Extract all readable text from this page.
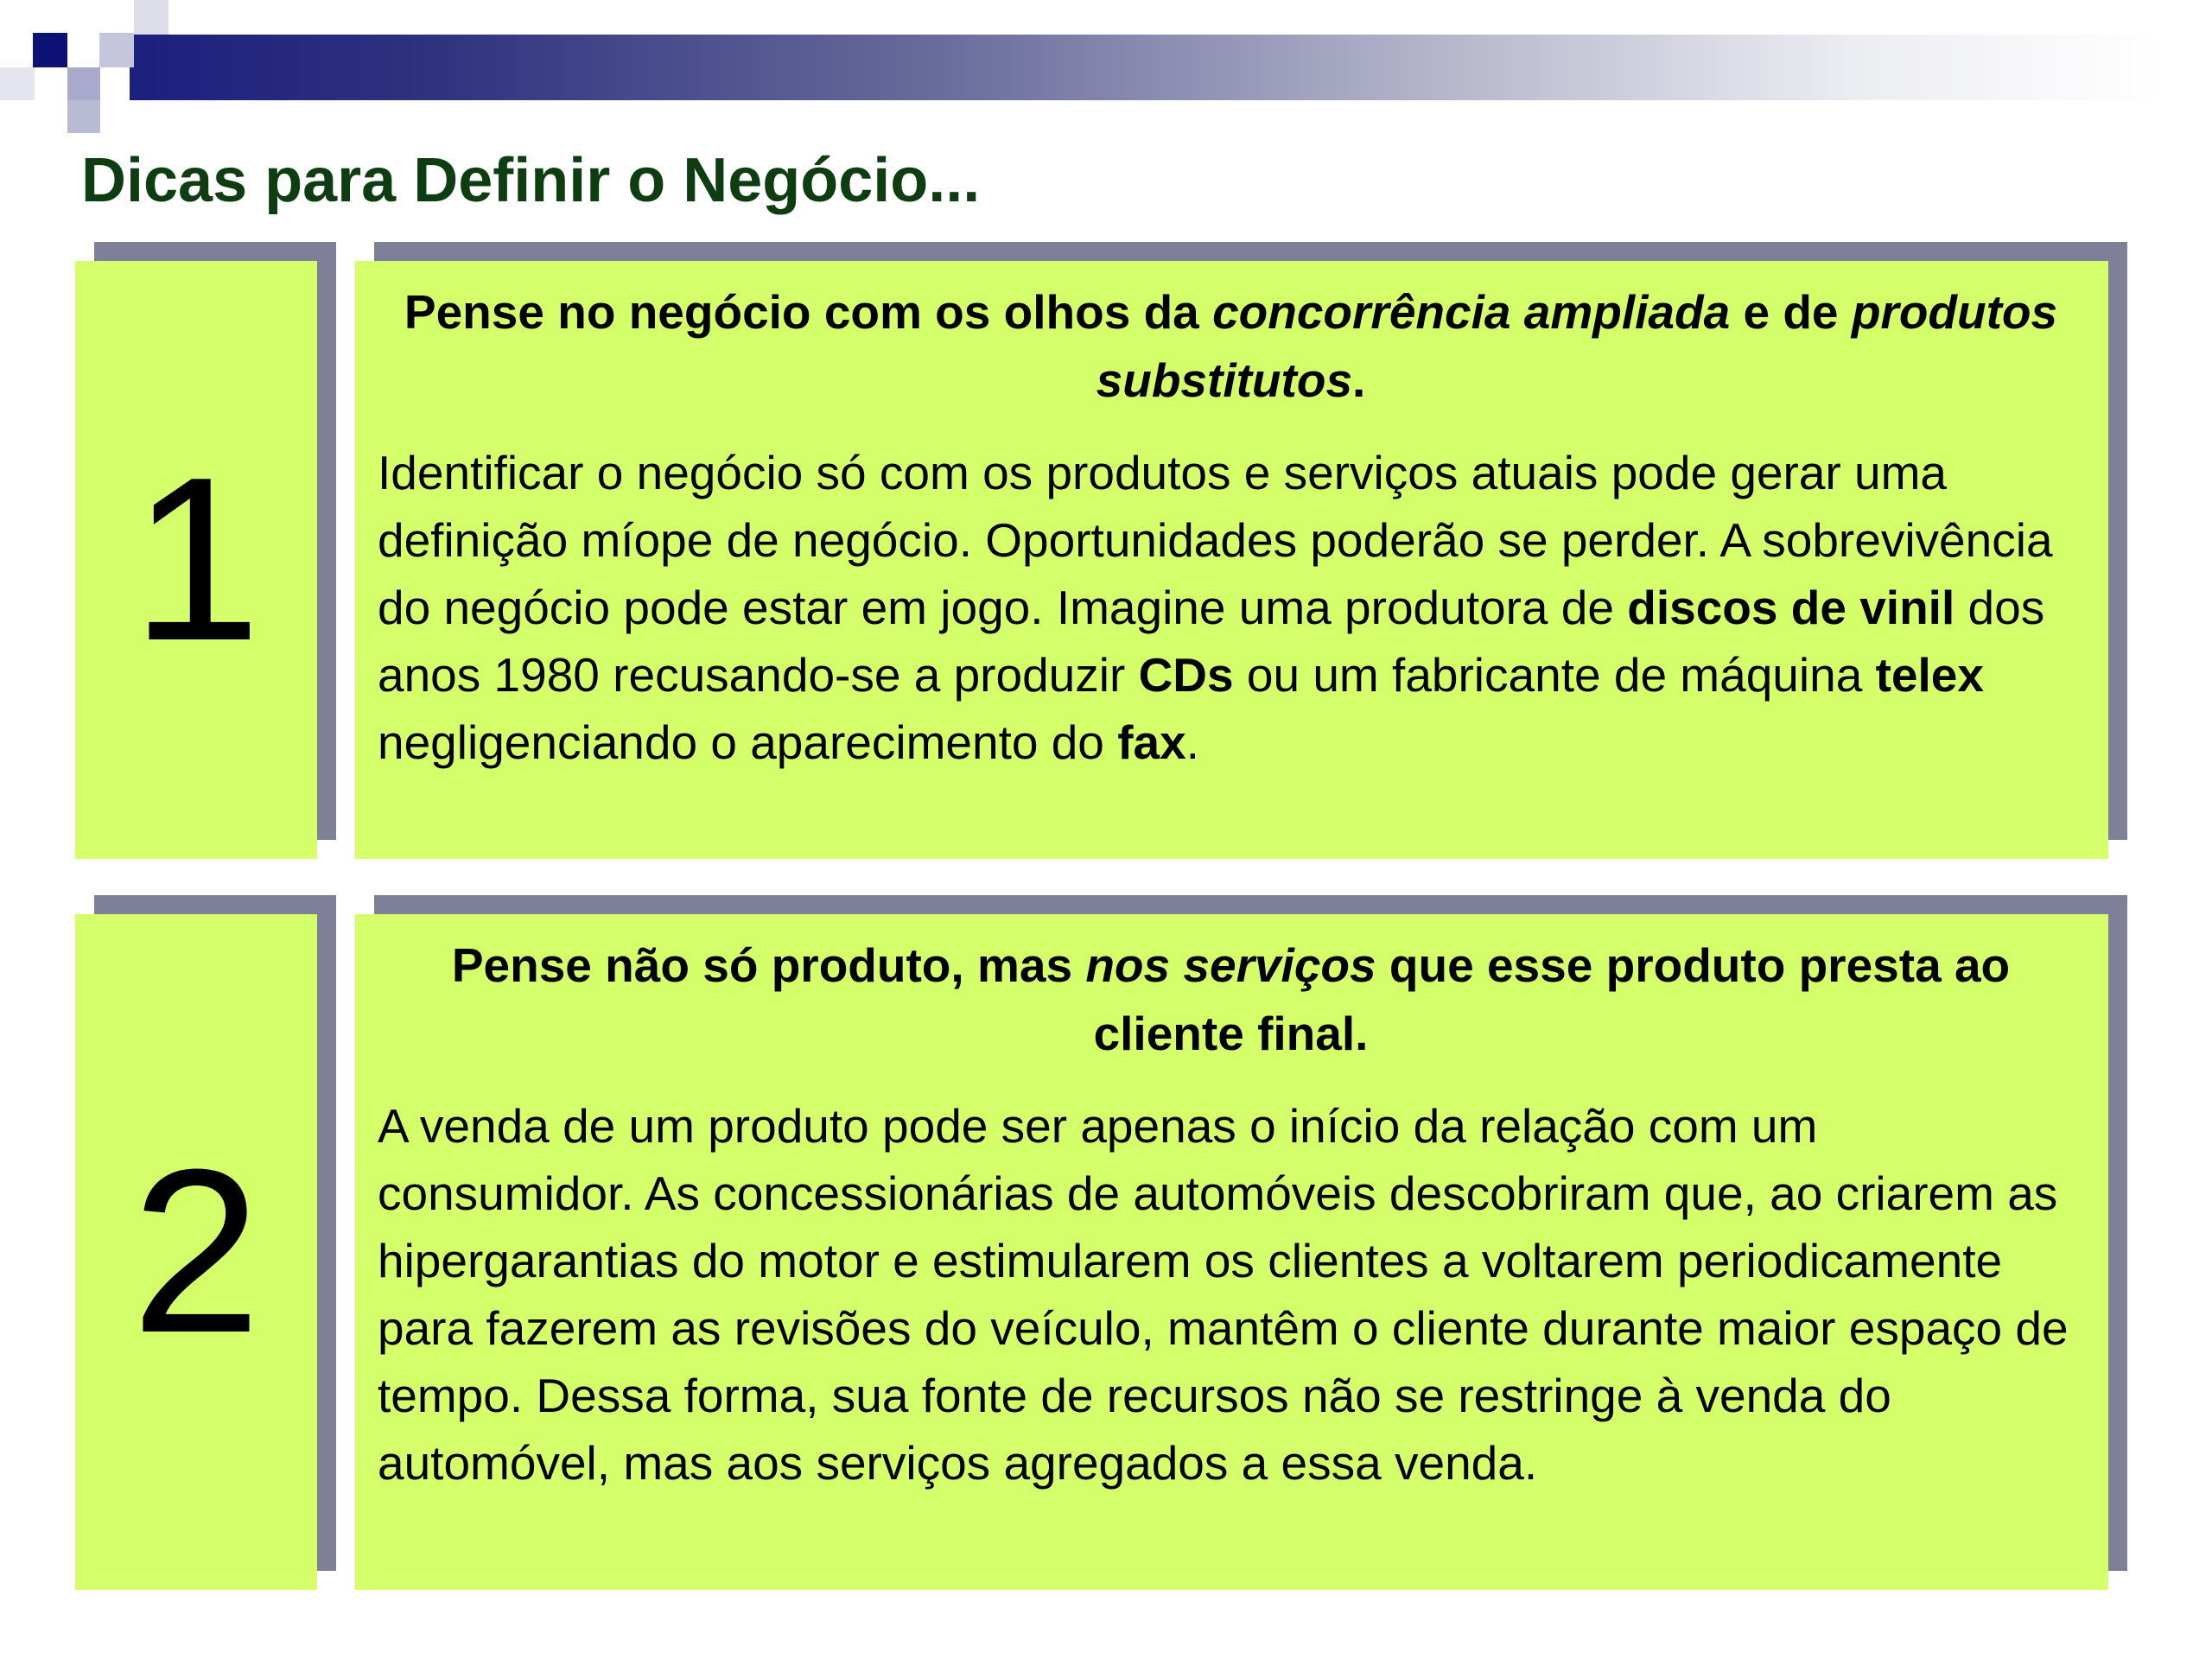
Dicas para Definir o Negócio...
1

Pense no negócio com os olhos da concorrência ampliada e de produtos substitutos.

Identificar o negócio só com os produtos e serviços atuais pode gerar uma definição míope de negócio. Oportunidades poderão se perder. A sobrevivência do negócio pode estar em jogo. Imagine uma produtora de discos de vinil dos anos 1980 recusando-se a produzir CDs ou um fabricante de máquina telex negligenciando o aparecimento do fax.

2

Pense não só produto, mas nos serviços que esse produto presta ao cliente final.

A venda de um produto pode ser apenas o início da relação com um consumidor. As concessionárias de automóveis descobriram que, ao criarem as hipergarantias do motor e estimularem os clientes a voltarem periodicamente para fazerem as revisões do veículo, mantêm o cliente durante maior espaço de tempo. Dessa forma, sua fonte de recursos não se restringe à venda do automóvel, mas aos serviços agregados a essa venda.
